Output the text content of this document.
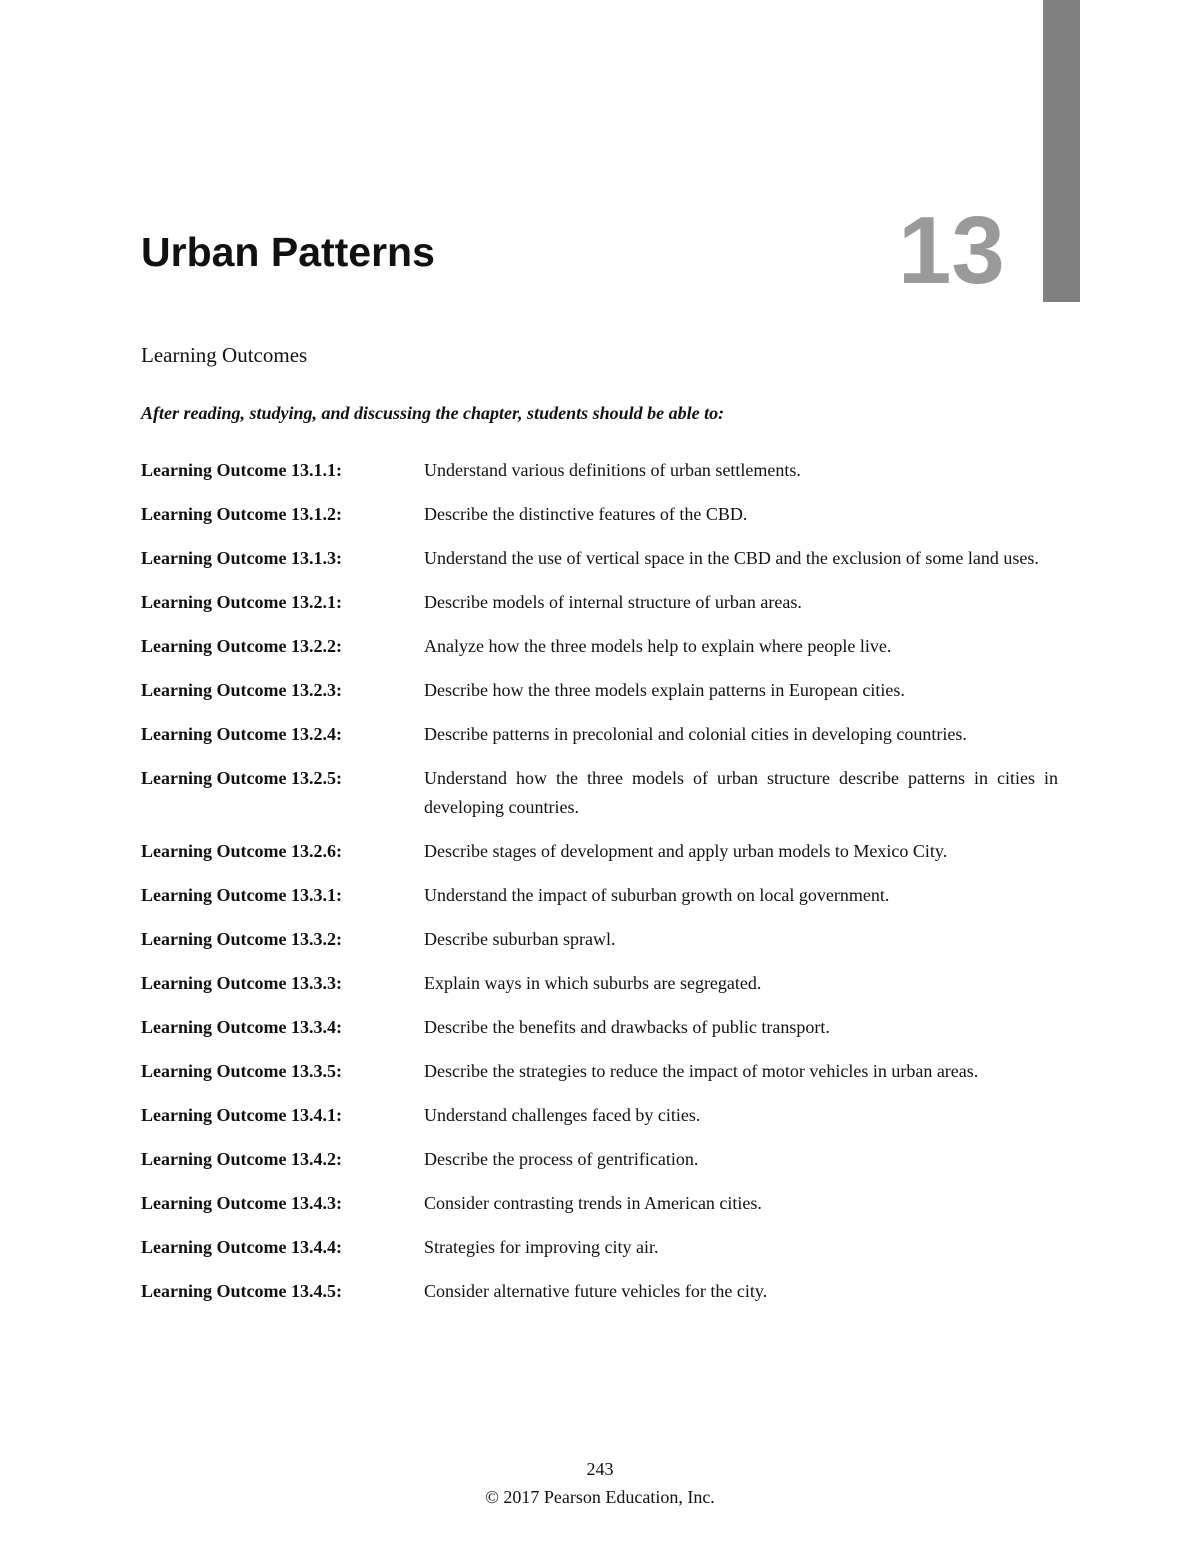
Urban Patterns	13
Learning Outcomes

After reading, studying, and discussing the chapter, students should be able to:

Learning Outcome 13.1.1:	Understand various definitions of urban settlements.
Learning Outcome 13.1.2:	Describe the distinctive features of the CBD.
Learning Outcome 13.1.3:	Understand the use of vertical space in the CBD and the exclusion of some land uses.
Learning Outcome 13.2.1:	Describe models of internal structure of urban areas.
Learning Outcome 13.2.2:	Analyze how the three models help to explain where people live.
Learning Outcome 13.2.3:	Describe how the three models explain patterns in European cities.
Learning Outcome 13.2.4:	Describe patterns in precolonial and colonial cities in developing countries.
Learning Outcome 13.2.5:	Understand how the three models of urban structure describe patterns in cities in developing countries.
Learning Outcome 13.2.6:	Describe stages of development and apply urban models to Mexico City.
Learning Outcome 13.3.1:	Understand the impact of suburban growth on local government.
Learning Outcome 13.3.2:	Describe suburban sprawl.
Learning Outcome 13.3.3:	Explain ways in which suburbs are segregated.
Learning Outcome 13.3.4:	Describe the benefits and drawbacks of public transport.
Learning Outcome 13.3.5:	Describe the strategies to reduce the impact of motor vehicles in urban areas.
Learning Outcome 13.4.1:	Understand challenges faced by cities.
Learning Outcome 13.4.2:	Describe the process of gentrification.
Learning Outcome 13.4.3:	Consider contrasting trends in American cities.
Learning Outcome 13.4.4:	Strategies for improving city air.
Learning Outcome 13.4.5:	Consider alternative future vehicles for the city.
243
© 2017 Pearson Education, Inc.
